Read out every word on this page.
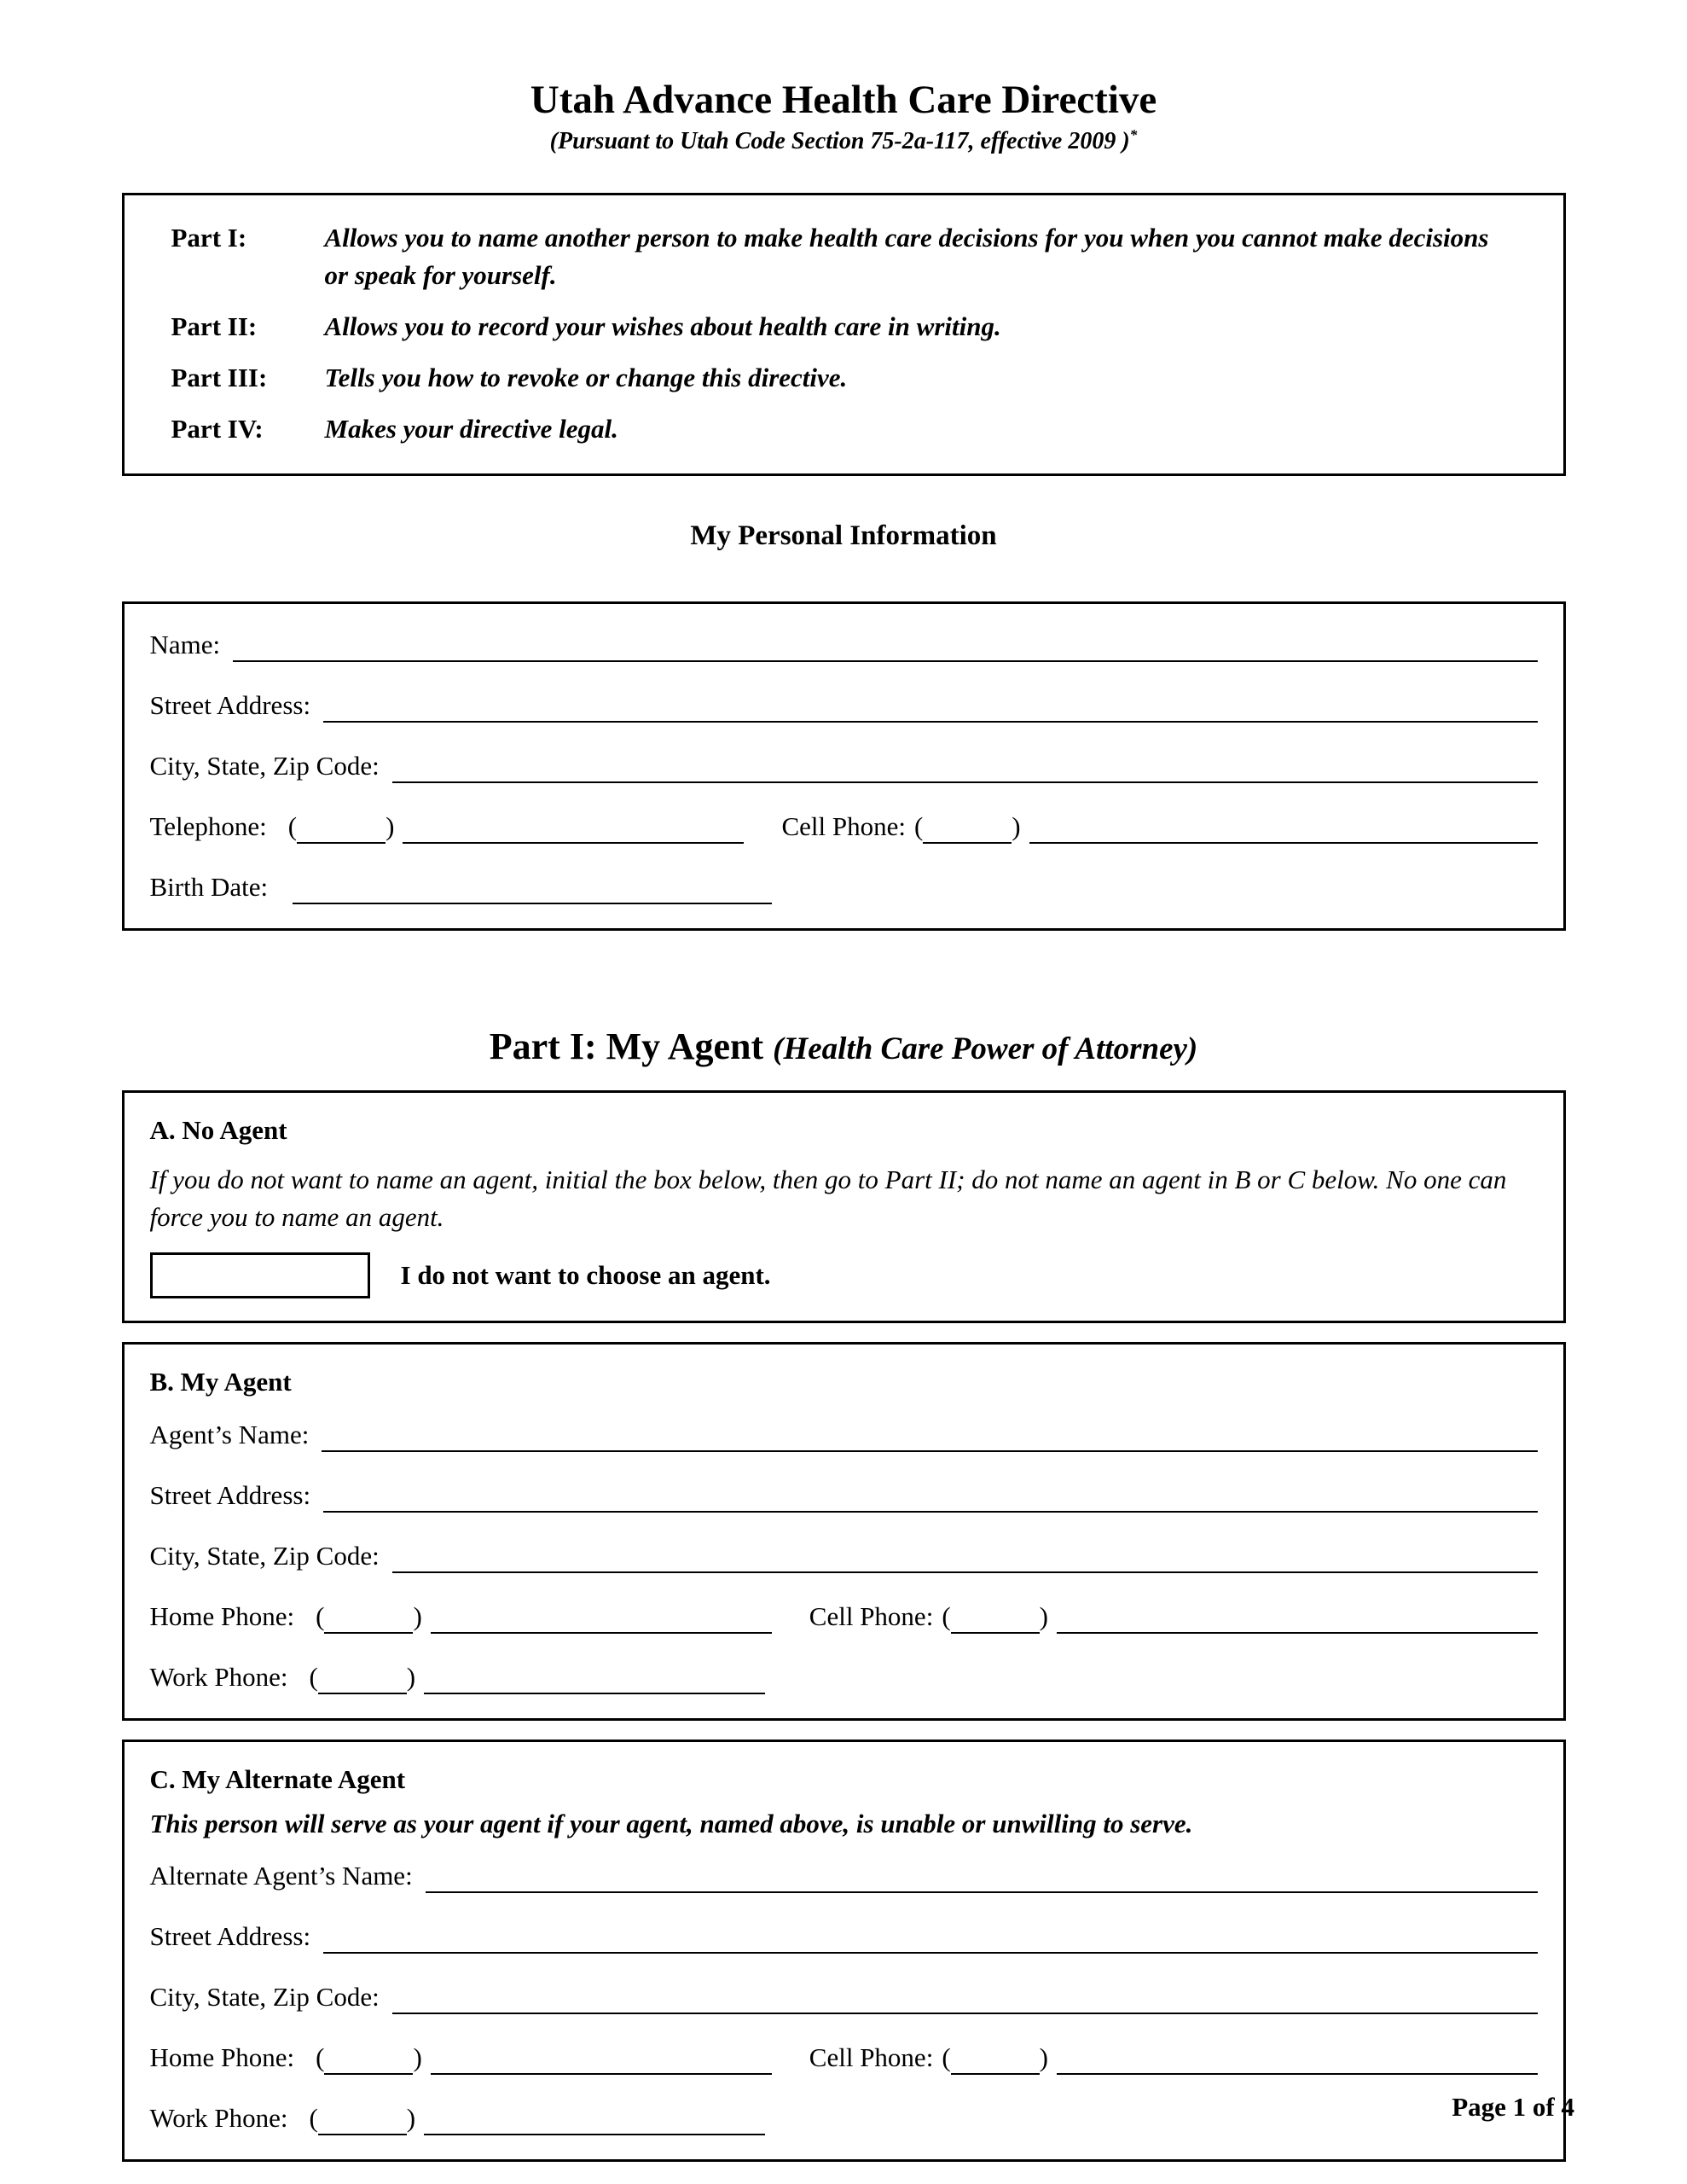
Utah Advance Health Care Directive
(Pursuant to Utah Code Section 75-2a-117, effective 2009 )*
Part I:	Allows you to name another person to make health care decisions for you when you cannot make decisions or speak for yourself.
Part II:	Allows you to record your wishes about health care in writing.
Part III:	Tells you how to revoke or change this directive.
Part IV:	Makes your directive legal.
My Personal Information
Name:
Street Address:
City, State, Zip Code:
Telephone: (	)	Cell Phone: (	)
Birth Date:
Part I: My Agent (Health Care Power of Attorney)
A. No Agent
If you do not want to name an agent, initial the box below, then go to Part II; do not name an agent in B or C below. No one can force you to name an agent.
I do not want to choose an agent.
B. My Agent
Agent’s Name:
Street Address:
City, State, Zip Code:
Home Phone: (	)	Cell Phone: (	)
Work Phone: (	)
C. My Alternate Agent
This person will serve as your agent if your agent, named above, is unable or unwilling to serve.
Alternate Agent’s Name:
Street Address:
City, State, Zip Code:
Home Phone: (	)	Cell Phone: (	)
Work Phone: (	)	Page 1 of 4
